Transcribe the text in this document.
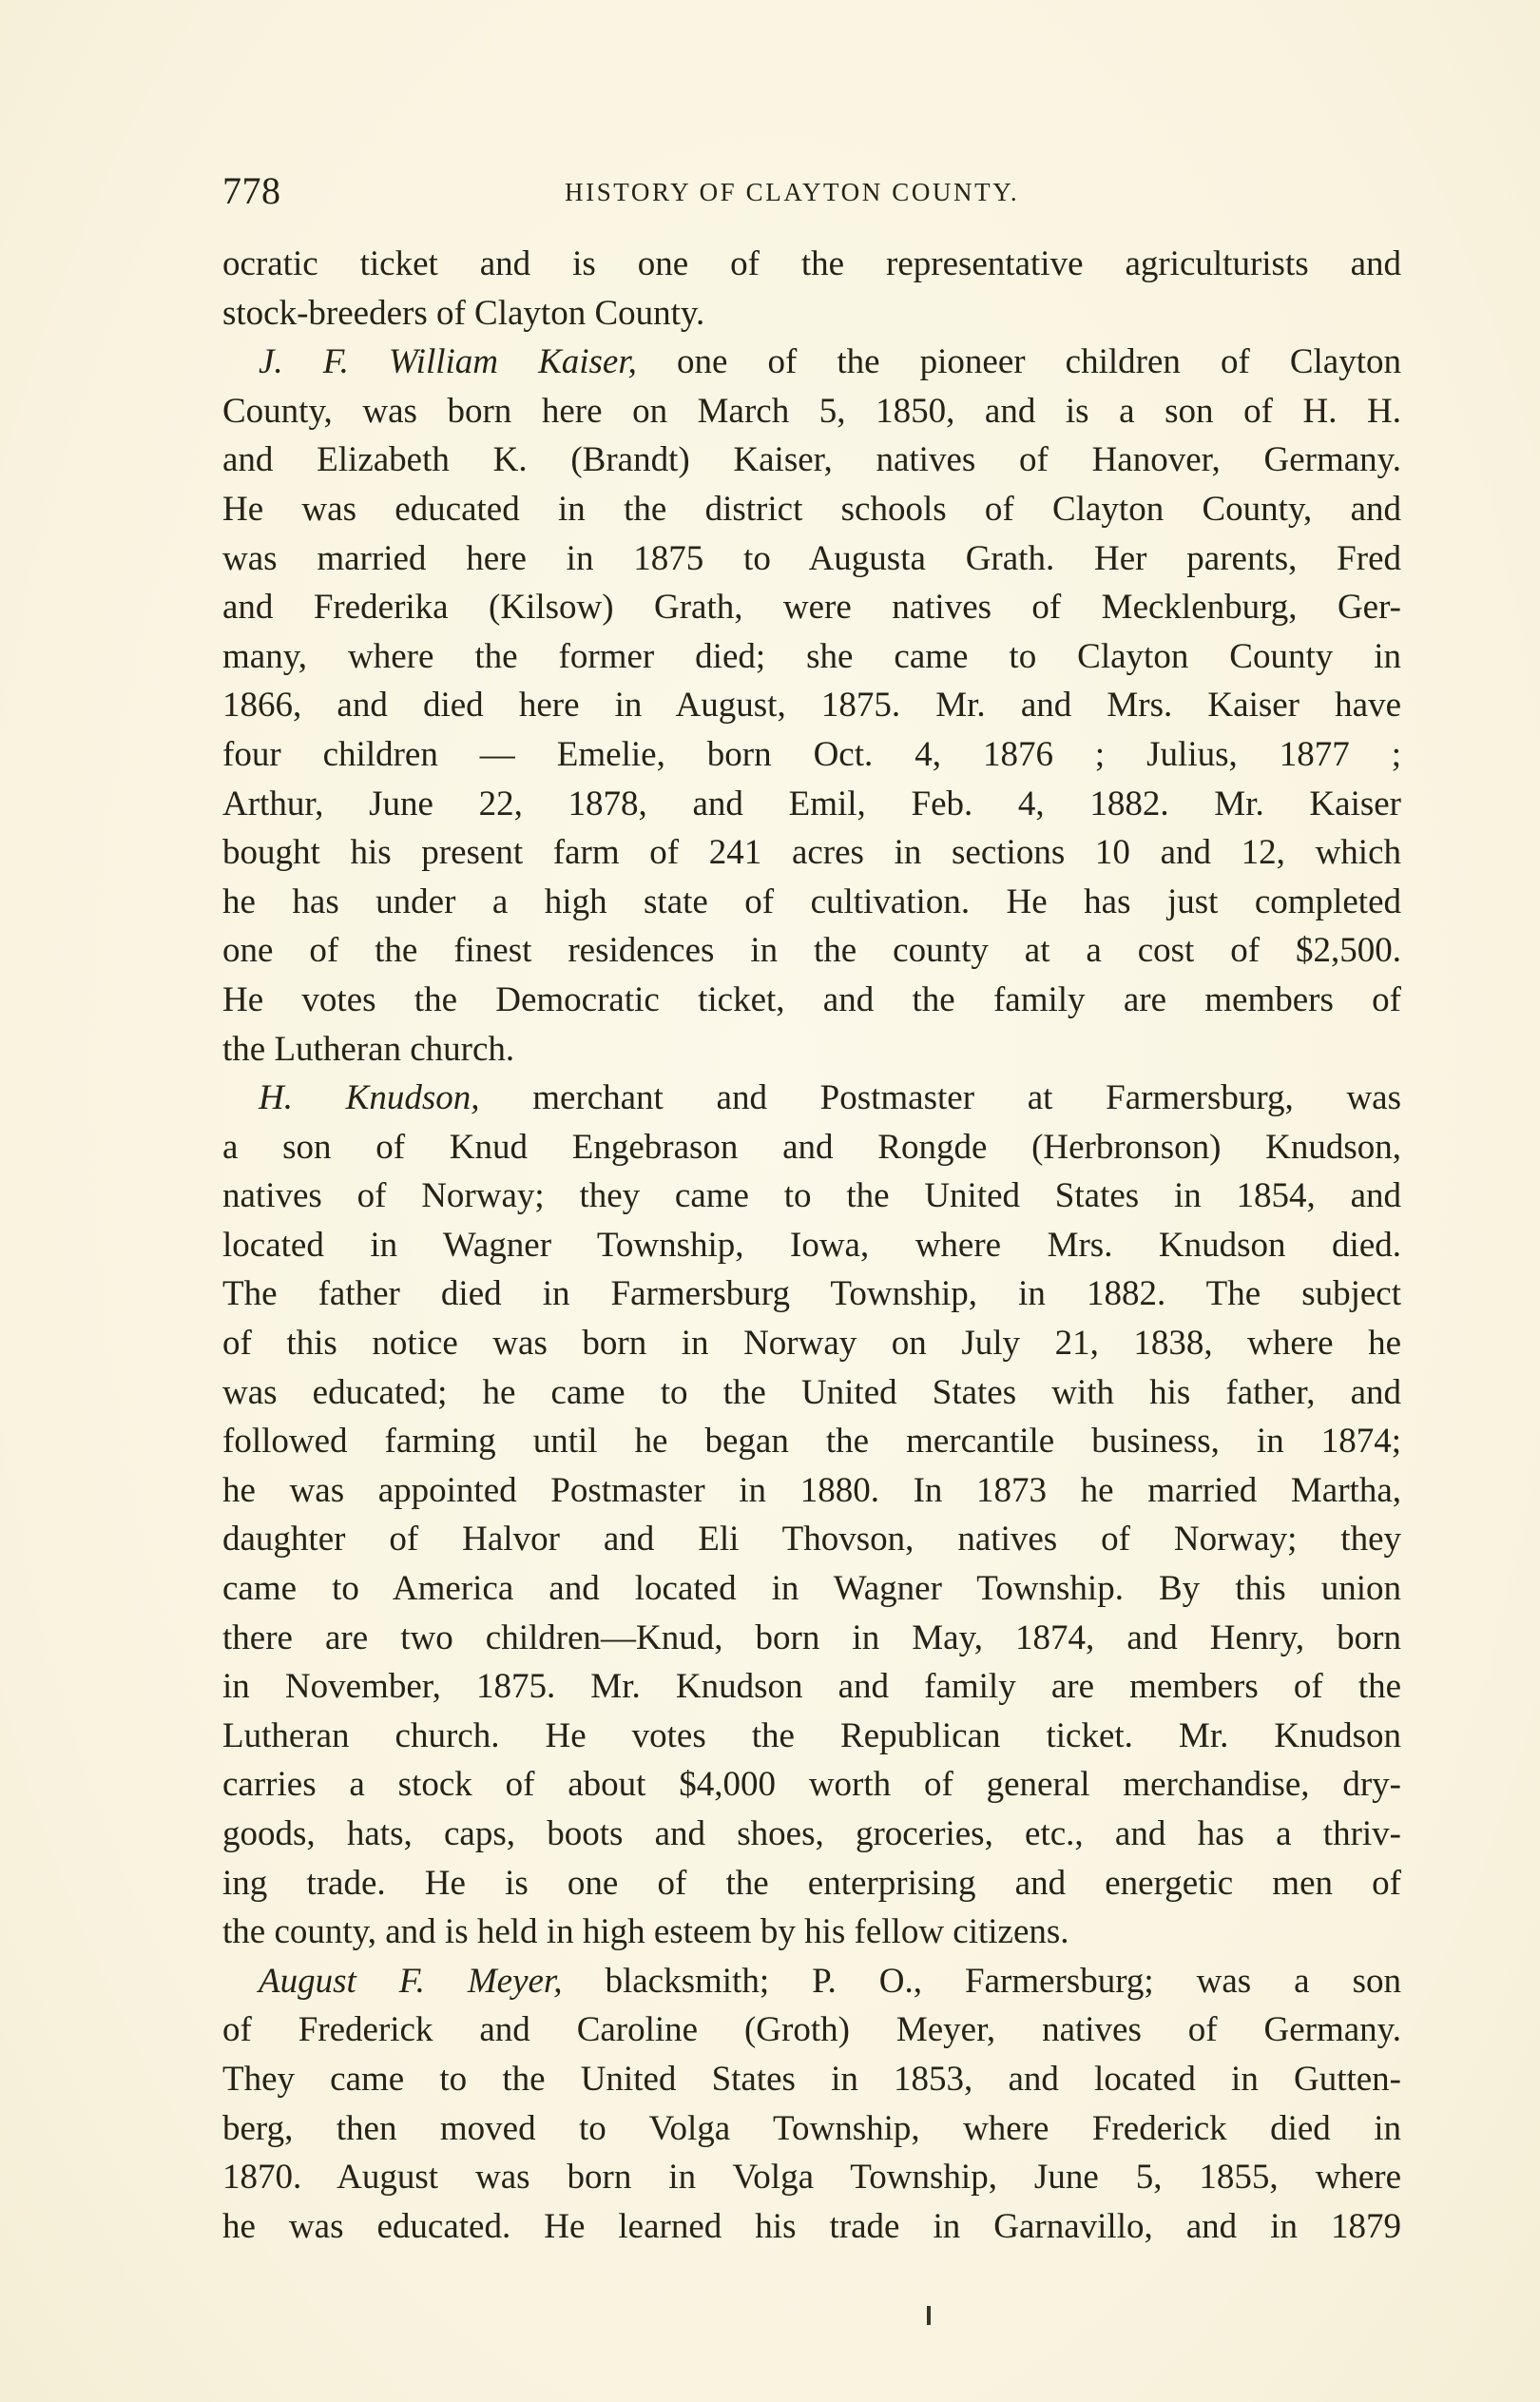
778	HISTORY OF CLAYTON COUNTY.
ocratic ticket and is one of the representative agriculturists and
stock-breeders of Clayton County.
J. F. William Kaiser, one of the pioneer children of Clayton
County, was born here on March 5, 1850, and is a son of H. H.
and Elizabeth K. (Brandt) Kaiser, natives of Hanover, Germany.
He was educated in the district schools of Clayton County, and
was married here in 1875 to Augusta Grath. Her parents, Fred
and Frederika (Kilsow) Grath, were natives of Mecklenburg, Ger-
many, where the former died; she came to Clayton County in
1866, and died here in August, 1875. Mr. and Mrs. Kaiser have
four children — Emelie, born Oct. 4, 1876 ; Julius, 1877 ;
Arthur, June 22, 1878, and Emil, Feb. 4, 1882. Mr. Kaiser
bought his present farm of 241 acres in sections 10 and 12, which
he has under a high state of cultivation. He has just completed
one of the finest residences in the county at a cost of $2,500.
He votes the Democratic ticket, and the family are members of
the Lutheran church.
H. Knudson, merchant and Postmaster at Farmersburg, was
a son of Knud Engebrason and Rongde (Herbronson) Knudson,
natives of Norway; they came to the United States in 1854, and
located in Wagner Township, Iowa, where Mrs. Knudson died.
The father died in Farmersburg Township, in 1882. The subject
of this notice was born in Norway on July 21, 1838, where he
was educated; he came to the United States with his father, and
followed farming until he began the mercantile business, in 1874;
he was appointed Postmaster in 1880. In 1873 he married Martha,
daughter of Halvor and Eli Thovson, natives of Norway; they
came to America and located in Wagner Township. By this union
there are two children—Knud, born in May, 1874, and Henry, born
in November, 1875. Mr. Knudson and family are members of the
Lutheran church. He votes the Republican ticket. Mr. Knudson
carries a stock of about $4,000 worth of general merchandise, dry-
goods, hats, caps, boots and shoes, groceries, etc., and has a thriv-
ing trade. He is one of the enterprising and energetic men of
the county, and is held in high esteem by his fellow citizens.
August F. Meyer, blacksmith; P. O., Farmersburg; was a son
of Frederick and Caroline (Groth) Meyer, natives of Germany.
They came to the United States in 1853, and located in Gutten-
berg, then moved to Volga Township, where Frederick died in
1870. August was born in Volga Township, June 5, 1855, where
he was educated. He learned his trade in Garnavillo, and in 1879
